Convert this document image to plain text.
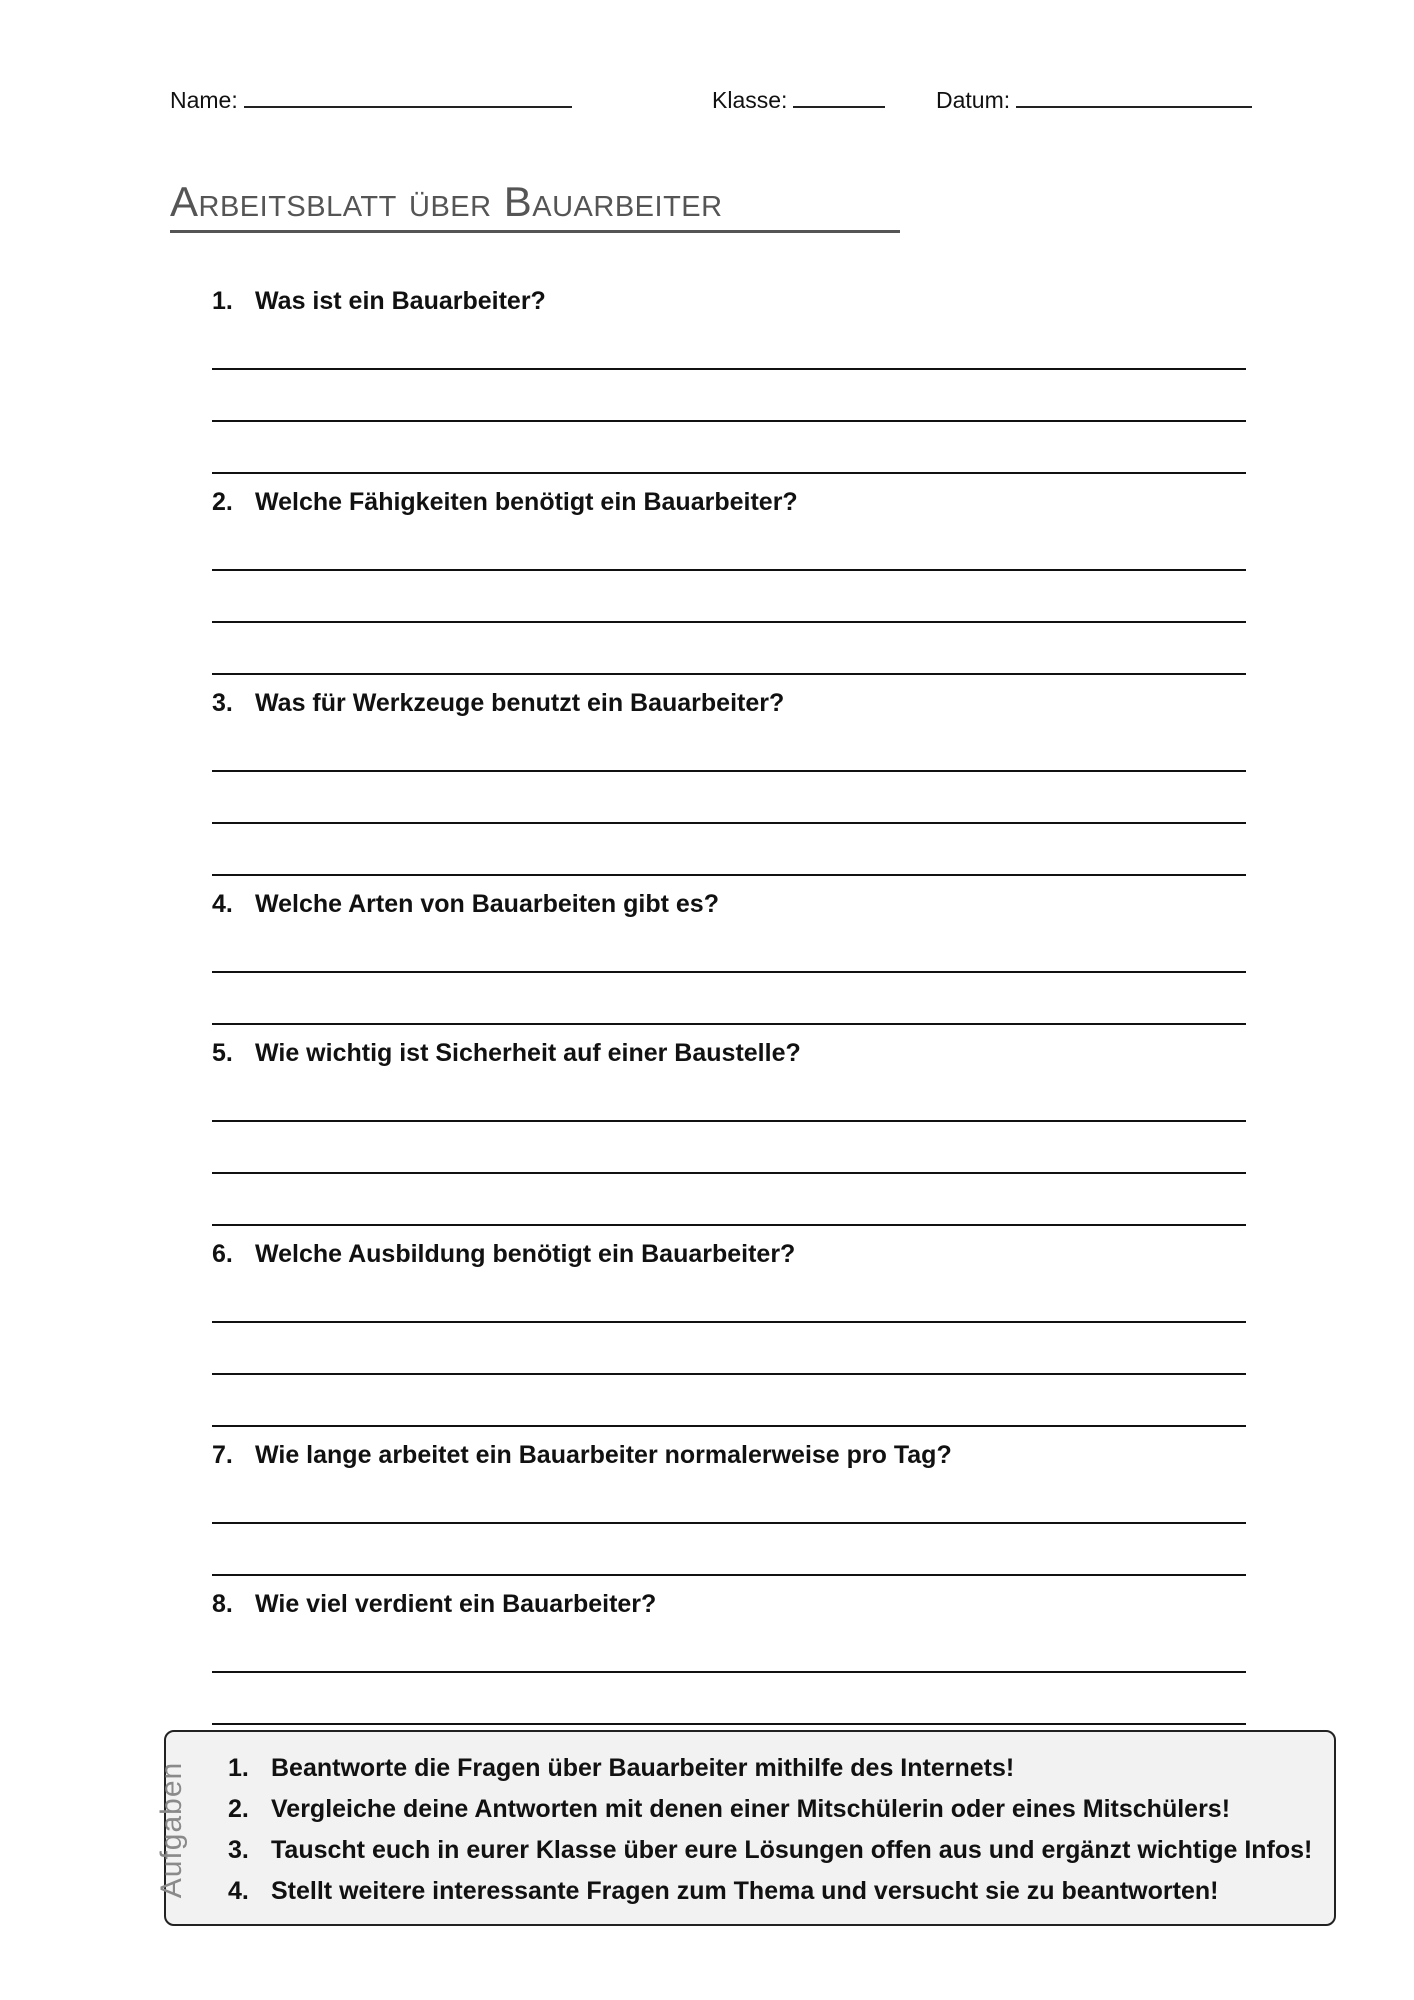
Name:	Klasse:	Datum:
Arbeitsblatt über Bauarbeiter
1. Was ist ein Bauarbeiter?
2. Welche Fähigkeiten benötigt ein Bauarbeiter?
3. Was für Werkzeuge benutzt ein Bauarbeiter?
4. Welche Arten von Bauarbeiten gibt es?
5. Wie wichtig ist Sicherheit auf einer Baustelle?
6. Welche Ausbildung benötigt ein Bauarbeiter?
7. Wie lange arbeitet ein Bauarbeiter normalerweise pro Tag?
8. Wie viel verdient ein Bauarbeiter?
Aufgaben 1. Beantworte die Fragen über Bauarbeiter mithilfe des Internets!
2. Vergleiche deine Antworten mit denen einer Mitschülerin oder eines Mitschülers!
3. Tauscht euch in eurer Klasse über eure Lösungen offen aus und ergänzt wichtige Infos!
4. Stellt weitere interessante Fragen zum Thema und versucht sie zu beantworten!
